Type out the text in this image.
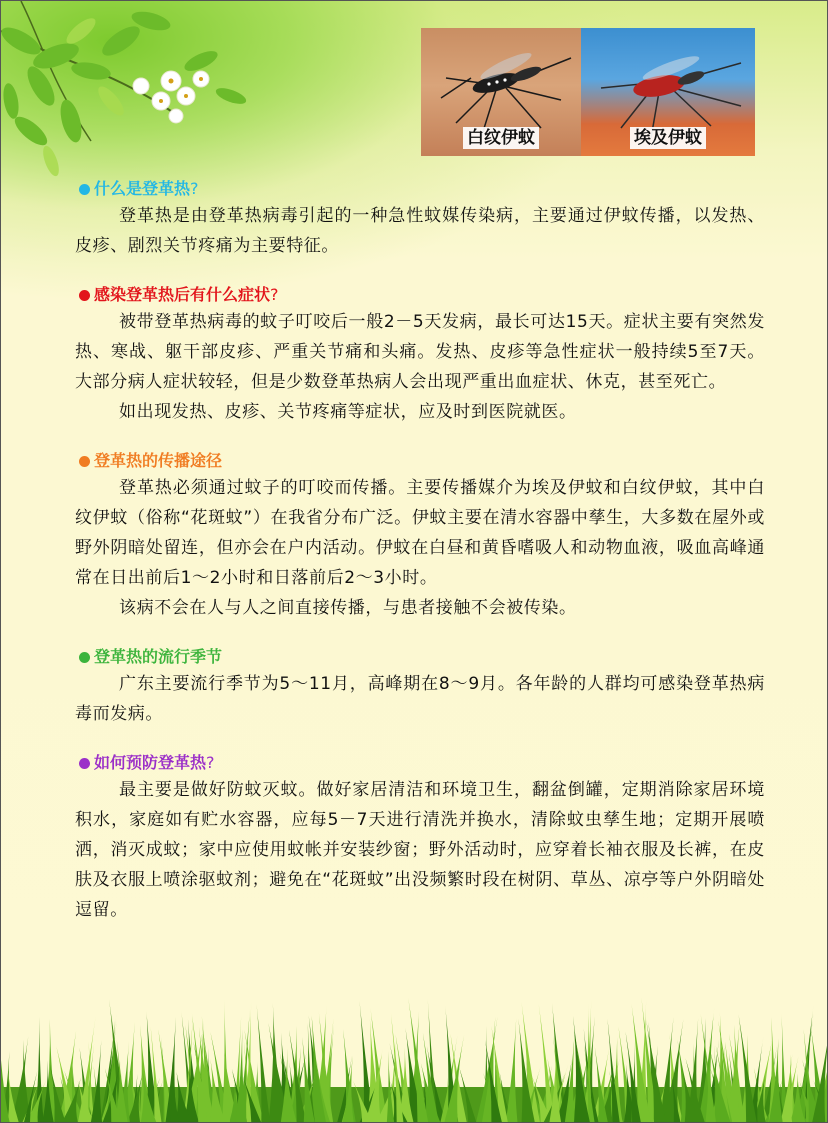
白纹伊蚊	埃及伊蚊
什么是登革热 ?

登革热是由登革热病毒引起的一种急性蚊媒传染病，主要通过伊蚊传播，以发热、皮疹、剧烈关节疼痛为主要特征。

感染登革热后有什么症状 ?

被带登革热病毒的蚊子叮咬后一般2－5天发病，最长可达15天。症状主要有突然发热、寒战、躯干部皮疹、严重关节痛和头痛。发热、皮疹等急性症状一般持续5至7天。大部分病人症状较轻，但是少数登革热病人会出现严重出血症状、休克，甚至死亡。

如出现发热、皮疹、关节疼痛等症状，应及时到医院就医。

登革热的传播途径

登革热必须通过蚊子的叮咬而传播。主要传播媒介为埃及伊蚊和白纹伊蚊，其中白纹伊蚊（俗称“花斑蚊”）在我省分布广泛。伊蚊主要在清水容器中孳生，大多数在屋外或野外阴暗处留连，但亦会在户内活动。伊蚊在白昼和黄昏嗜吸人和动物血液，吸血高峰通常在日出前后1～2小时和日落前后2～3小时。

该病不会在人与人之间直接传播，与患者接触不会被传染。

登革热的流行季节

广东主要流行季节为5～11月，高峰期在8～9月。各年龄的人群均可感染登革热病毒而发病。

如何预防登革热 ?

最主要是做好防蚊灭蚊。做好家居清洁和环境卫生，翻盆倒罐，定期消除家居环境积水，家庭如有贮水容器，应每5－7天进行清洗并换水，清除蚊虫孳生地；定期开展喷洒，消灭成蚊；家中应使用蚊帐并安装纱窗；野外活动时，应穿着长袖衣服及长裤，在皮肤及衣服上喷涂驱蚊剂；避免在“花斑蚊”出没频繁时段在树阴、草丛、凉亭等户外阴暗处逗留。
